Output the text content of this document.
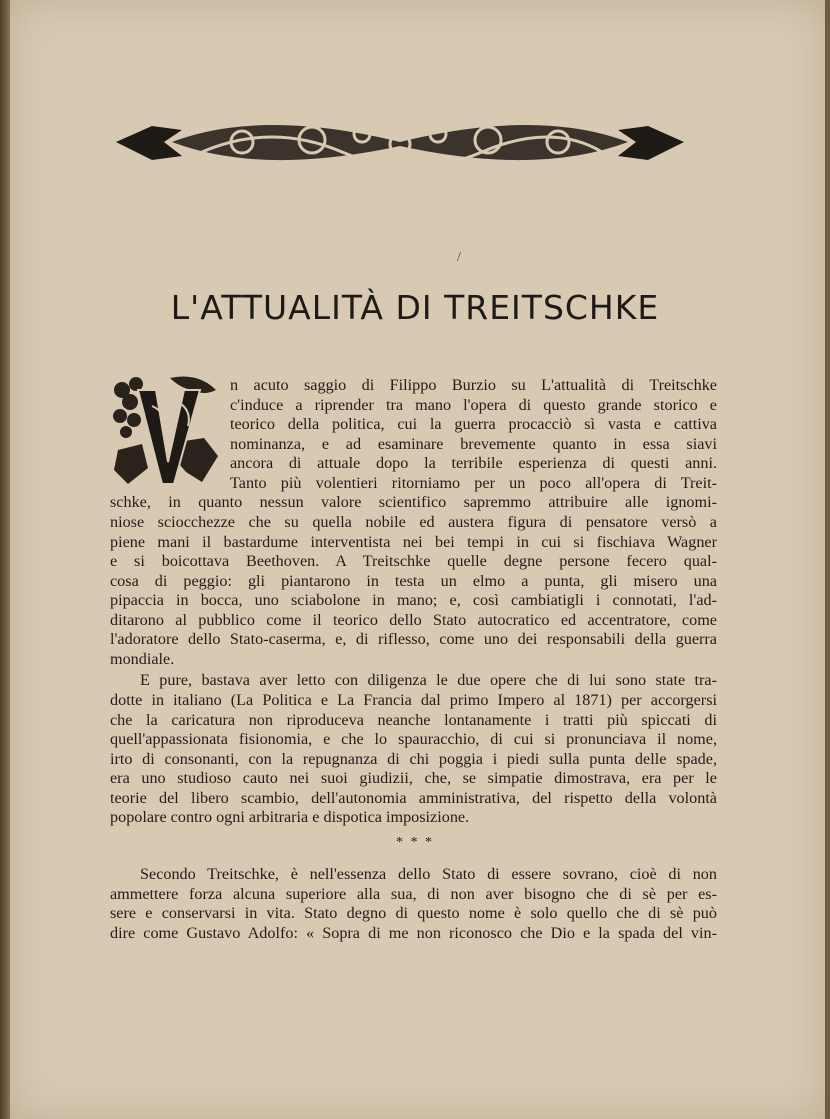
/
L'ATTUALITÀ DI TREITSCHKE
n acuto saggio di Filippo Burzio su L'attualità di Treitschke
c'induce a riprender tra mano l'opera di questo grande storico e
teorico della politica, cui la guerra procacciò sì vasta e cattiva
nominanza, e ad esaminare brevemente quanto in essa siavi
ancora di attuale dopo la terribile esperienza di questi anni.
Tanto più volentieri ritorniamo per un poco all'opera di Treit-
schke, in quanto nessun valore scientifico sapremmo attribuire alle ignomi-
niose sciocchezze che su quella nobile ed austera figura di pensatore versò a
piene mani il bastardume interventista nei bei tempi in cui si fischiava Wagner
e si boicottava Beethoven. A Treitschke quelle degne persone fecero qual-
cosa di peggio: gli piantarono in testa un elmo a punta, gli misero una
pipaccia in bocca, uno sciabolone in mano; e, così cambiatigli i connotati, l'ad-
ditarono al pubblico come il teorico dello Stato autocratico ed accentratore, come
l'adoratore dello Stato-caserma, e, di riflesso, come uno dei responsabili della guerra
mondiale.
E pure, bastava aver letto con diligenza le due opere che di lui sono state tra-
dotte in italiano (La Politica e La Francia dal primo Impero al 1871) per accorgersi
che la caricatura non riproduceva neanche lontanamente i tratti più spiccati di
quell'appassionata fisionomia, e che lo spauracchio, di cui si pronunciava il nome,
irto di consonanti, con la repugnanza di chi poggia i piedi sulla punta delle spade,
era uno studioso cauto nei suoi giudizii, che, se simpatie dimostrava, era per le
teorie del libero scambio, dell'autonomia amministrativa, del rispetto della volontà
popolare contro ogni arbitraria e dispotica imposizione.
* * *
Secondo Treitschke, è nell'essenza dello Stato di essere sovrano, cioè di non
ammettere forza alcuna superiore alla sua, di non aver bisogno che di sè per es-
sere e conservarsi in vita. Stato degno di questo nome è solo quello che di sè può
dire come Gustavo Adolfo: « Sopra di me non riconosco che Dio e la spada del vin-
